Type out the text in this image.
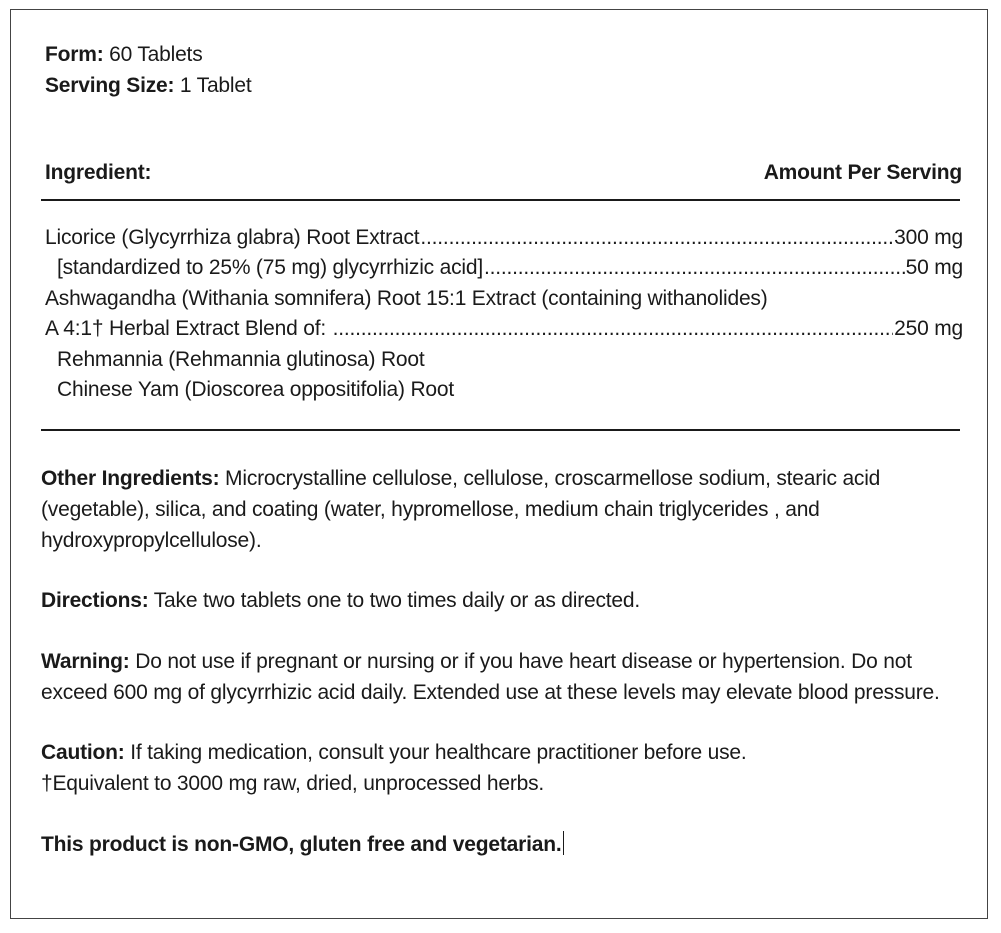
Form: 60 Tablets
Serving Size: 1 Tablet
Ingredient:	Amount Per Serving
Licorice (Glycyrrhiza glabra) Root Extract .....	300 mg
[standardized to 25% (75 mg) glycyrrhizic acid] .....	50 mg
Ashwagandha (Withania somnifera) Root 15:1 Extract (containing withanolides)
A 4:1† Herbal Extract Blend of: .....	250 mg
Rehmannia (Rehmannia glutinosa) Root
Chinese Yam (Dioscorea oppositifolia) Root
Other Ingredients: Microcrystalline cellulose, cellulose, croscarmellose sodium, stearic acid (vegetable), silica, and coating (water, hypromellose, medium chain triglycerides , and hydroxypropylcellulose).
Directions: Take two tablets one to two times daily or as directed.
Warning: Do not use if pregnant or nursing or if you have heart disease or hypertension. Do not exceed 600 mg of glycyrrhizic acid daily. Extended use at these levels may elevate blood pressure.
Caution: If taking medication, consult your healthcare practitioner before use.
†Equivalent to 3000 mg raw, dried, unprocessed herbs.
This product is non-GMO, gluten free and vegetarian.
